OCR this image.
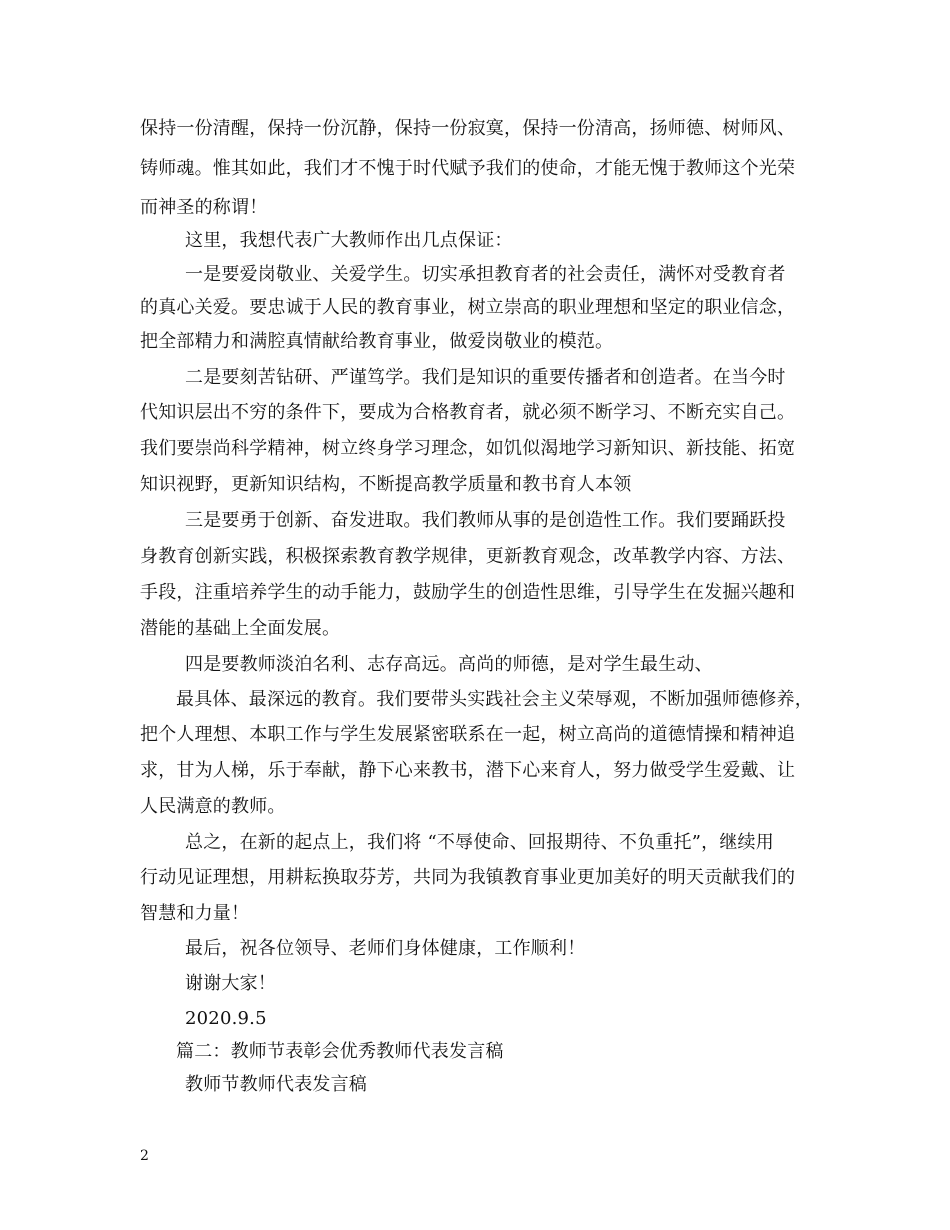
保持一份清醒，保持一份沉静，保持一份寂寞，保持一份清高，扬师德、树师风、
铸师魂。惟其如此，我们才不愧于时代赋予我们的使命，才能无愧于教师这个光荣
而神圣的称谓！
这里，我想代表广大教师作出几点保证：
一是要爱岗敬业、关爱学生。切实承担教育者的社会责任，满怀对受教育者
的真心关爱。要忠诚于人民的教育事业，树立崇高的职业理想和坚定的职业信念，
把全部精力和满腔真情献给教育事业，做爱岗敬业的模范。
二是要刻苦钻研、严谨笃学。我们是知识的重要传播者和创造者。在当今时
代知识层出不穷的条件下，要成为合格教育者，就必须不断学习、不断充实自己。
我们要崇尚科学精神，树立终身学习理念，如饥似渴地学习新知识、新技能、拓宽
知识视野，更新知识结构，不断提高教学质量和教书育人本领
三是要勇于创新、奋发进取。我们教师从事的是创造性工作。我们要踊跃投
身教育创新实践，积极探索教育教学规律，更新教育观念，改革教学内容、方法、
手段，注重培养学生的动手能力，鼓励学生的创造性思维，引导学生在发掘兴趣和
潜能的基础上全面发展。
四是要教师淡泊名利、志存高远。高尚的师德，是对学生最生动、
最具体、最深远的教育。我们要带头实践社会主义荣辱观，不断加强师德修养，
把个人理想、本职工作与学生发展紧密联系在一起，树立高尚的道德情操和精神追
求，甘为人梯，乐于奉献，静下心来教书，潜下心来育人，努力做受学生爱戴、让
人民满意的教师。
总之，在新的起点上，我们将 “不辱使命、回报期待、不负重托”，继续用
行动见证理想，用耕耘换取芬芳，共同为我镇教育事业更加美好的明天贡献我们的
智慧和力量！
最后，祝各位领导、老师们身体健康，工作顺利！
谢谢大家！
2020.9.5
篇二：教师节表彰会优秀教师代表发言稿
教师节教师代表发言稿
2
